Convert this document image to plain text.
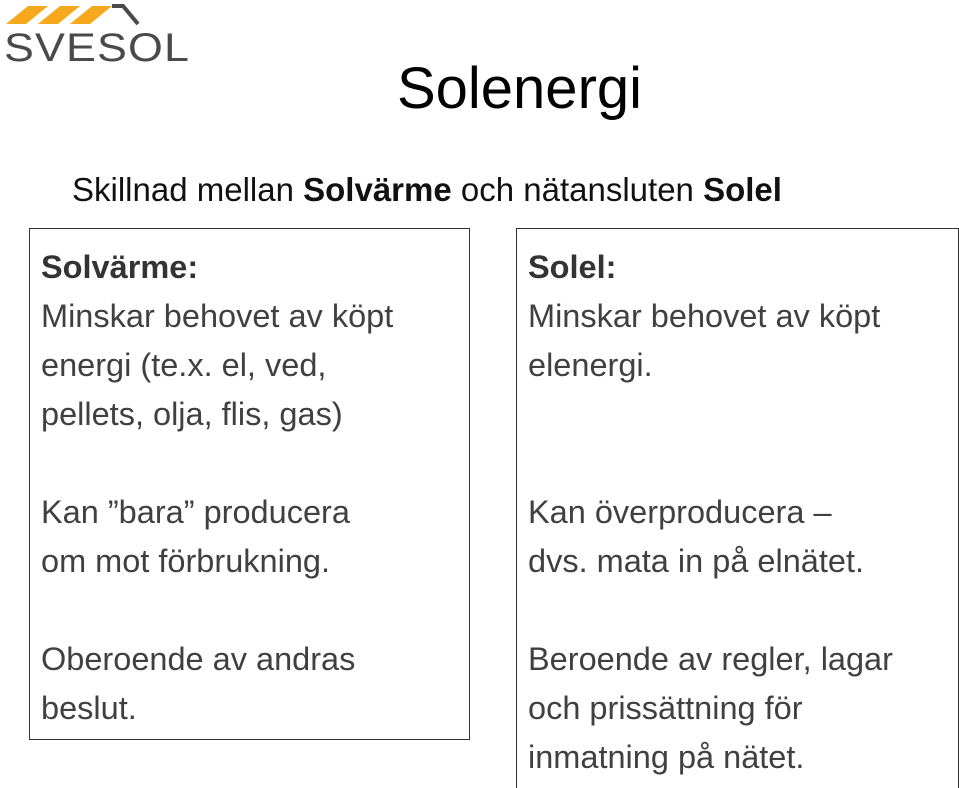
SVESOL
Solenergi
Skillnad mellan Solvärme och nätansluten Solel

Solvärme:

Minskar behovet av köpt

energi (te.x. el, ved,

pellets, olja, flis, gas)

Kan ”bara” producera

om mot förbrukning.

Oberoende av andras

beslut.

Solel:

Minskar behovet av köpt

elenergi.

Kan överproducera –

dvs. mata in på elnätet.

Beroende av regler, lagar

och prissättning för

inmatning på nätet.
